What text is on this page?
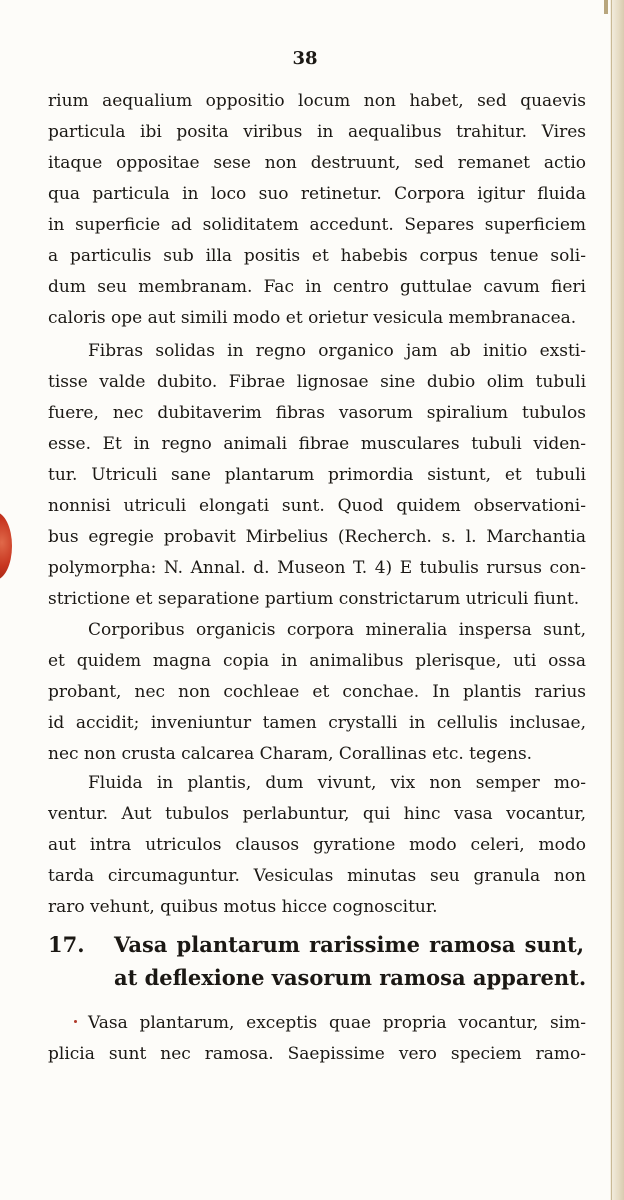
38
rium aequalium oppositio locum non habet, sed quaevis
particula ibi posita viribus in aequalibus trahitur. Vires
itaque oppositae sese non destruunt, sed remanet actio
qua particula in loco suo retinetur. Corpora igitur fluida
in superficie ad soliditatem accedunt. Separes superficiem
a particulis sub illa positis et habebis corpus tenue soli-
dum seu membranam. Fac in centro guttulae cavum fieri
caloris ope aut simili modo et orietur vesicula membranacea.
Fibras solidas in regno organico jam ab initio exsti-
tisse valde dubito. Fibrae lignosae sine dubio olim tubuli
fuere, nec dubitaverim fibras vasorum spiralium tubulos
esse. Et in regno animali fibrae musculares tubuli viden-
tur. Utriculi sane plantarum primordia sistunt, et tubuli
nonnisi utriculi elongati sunt. Quod quidem observationi-
bus egregie probavit Mirbelius (Recherch. s. l. Marchantia
polymorpha: N. Annal. d. Museon T. 4) E tubulis rursus con-
strictione et separatione partium constrictarum utriculi fiunt.
Corporibus organicis corpora mineralia inspersa sunt,
et quidem magna copia in animalibus plerisque, uti ossa
probant, nec non cochleae et conchae. In plantis rarius
id accidit; inveniuntur tamen crystalli in cellulis inclusae,
nec non crusta calcarea Charam, Corallinas etc. tegens.
Fluida in plantis, dum vivunt, vix non semper mo-
ventur. Aut tubulos perlabuntur, qui hinc vasa vocantur,
aut intra utriculos clausos gyratione modo celeri, modo
tarda circumaguntur. Vesiculas minutas seu granula non
raro vehunt, quibus motus hicce cognoscitur.
17. Vasa plantarum rarissime ramosa sunt,
at deflexione vasorum ramosa apparent.
Vasa plantarum, exceptis quae propria vocantur, sim-
plicia sunt nec ramosa. Saepissime vero speciem ramo-
